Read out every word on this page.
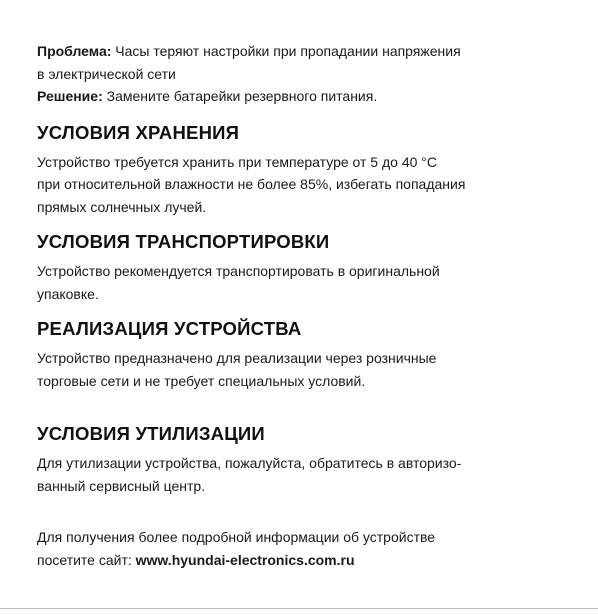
Проблема: Часы теряют настройки при пропадании напряжения

в электрической сети

Решение: Замените батарейки резервного питания.

УСЛОВИЯ ХРАНЕНИЯ

Устройство требуется хранить при температуре от 5 до 40 °С

при относительной влажности не более 85%, избегать попадания

прямых солнечных лучей.

УСЛОВИЯ ТРАНСПОРТИРОВКИ

Устройство рекомендуется транспортировать в оригинальной

упаковке.

РЕАЛИЗАЦИЯ УСТРОЙСТВА

Устройство предназначено для реализации через розничные

торговые сети и не требует специальных условий.

УСЛОВИЯ УТИЛИЗАЦИИ

Для утилизации устройства, пожалуйста, обратитесь в авторизо-

ванный сервисный центр.

Для получения более подробной информации об устройстве

посетите сайт: www.hyundai-electronics.com.ru
